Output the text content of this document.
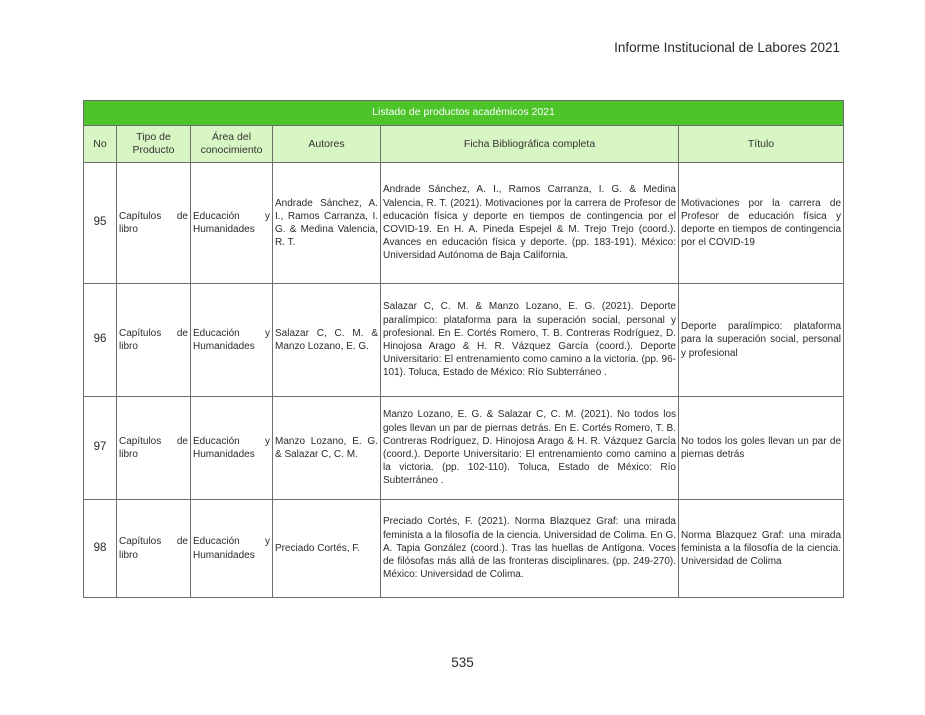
Informe Institucional de Labores 2021
Listado de productos académicos 2021					
No	Tipo de Producto	Área del conocimiento	Autores	Ficha Bibliográfica completa	Título
95	Capítulos de libro	Educación y Humanidades	Andrade Sánchez, A. I., Ramos Carranza, I. G. & Medina Valencia, R. T.	Andrade Sánchez, A. I., Ramos Carranza, I. G. & Medina Valencia, R. T. (2021). Motivaciones por la carrera de Profesor de educación física y deporte en tiempos de contingencia por el COVID-19. En H. A. Pineda Espejel & M. Trejo Trejo (coord.). Avances en educación física y deporte. (pp. 183-191). México: Universidad Autónoma de Baja California.	Motivaciones por la carrera de Profesor de educación física y deporte en tiempos de contingencia por el COVID-19
96	Capítulos de libro	Educación y Humanidades	Salazar C, C. M. & Manzo Lozano, E. G.	Salazar C, C. M. & Manzo Lozano, E. G. (2021). Deporte paralímpico: plataforma para la superación social, personal y profesional. En E. Cortés Romero, T. B. Contreras Rodríguez, D. Hinojosa Arago & H. R. Vázquez García (coord.). Deporte Universitario: El entrenamiento como camino a la victoria. (pp. 96-101). Toluca, Estado de México: Río Subterráneo .	Deporte paralímpico: plataforma para la superación social, personal y profesional
97	Capítulos de libro	Educación y Humanidades	Manzo Lozano, E. G. & Salazar C, C. M.	Manzo Lozano, E. G. & Salazar C, C. M. (2021). No todos los goles llevan un par de piernas detrás. En E. Cortés Romero, T. B. Contreras Rodríguez, D. Hinojosa Arago & H. R. Vázquez García (coord.). Deporte Universitario: El entrenamiento como camino a la victoria. (pp. 102-110). Toluca, Estado de México: Río Subterráneo .	No todos los goles llevan un par de piernas detrás
98	Capítulos de libro	Educación y Humanidades	Preciado Cortés, F.	Preciado Cortés, F. (2021). Norma Blazquez Graf: una mirada feminista a la filosofía de la ciencia. Universidad de Colima. En G. A. Tapia González (coord.). Tras las huellas de Antígona. Voces de filósofas más allá de las fronteras disciplinares. (pp. 249-270). México: Universidad de Colima.	Norma Blazquez Graf: una mirada feminista a la filosofía de la ciencia. Universidad de Colima
535
